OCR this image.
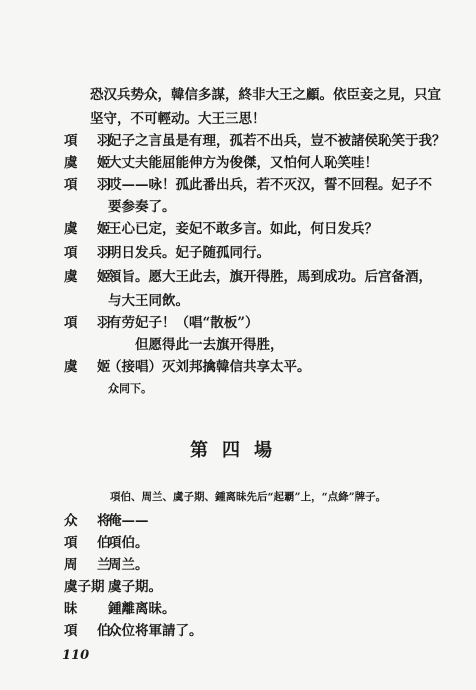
恐汉兵势众，韓信多謀，終非大王之顧。依臣妾之見，只宜
坚守，不可輕动。大王三思！
項　羽妃子之言虽是有理，孤若不出兵，豈不被諸侯恥笑于我？
虞　姬大丈夫能屈能伸方为俊傑，又怕何人恥笑哇！
項　羽哎——咏！孤此番出兵，若不灭汉，誓不回程。妃子不
要参奏了。
虞　姬王心已定，妾妃不敢多言。如此，何日发兵？
項　羽明日发兵。妃子随孤同行。
虞　姬領旨。愿大王此去，旗开得胜，馬到成功。后宫备酒，
与大王同飲。
項　羽有劳妃子！（唱“散板”）
　　但愿得此一去旗开得胜，
虞　姬（接唱）灭刘邦擒韓信共享太平。
众同下。
第四場
項伯、周兰、虞子期、鍾离昧先后“起覇”上，“点絳”牌子。
众　将俺——
項　伯項伯。
周　兰周兰。
虞子期 虞子期。
昧 鍾離离昧。
項　伯众位将軍請了。
110
